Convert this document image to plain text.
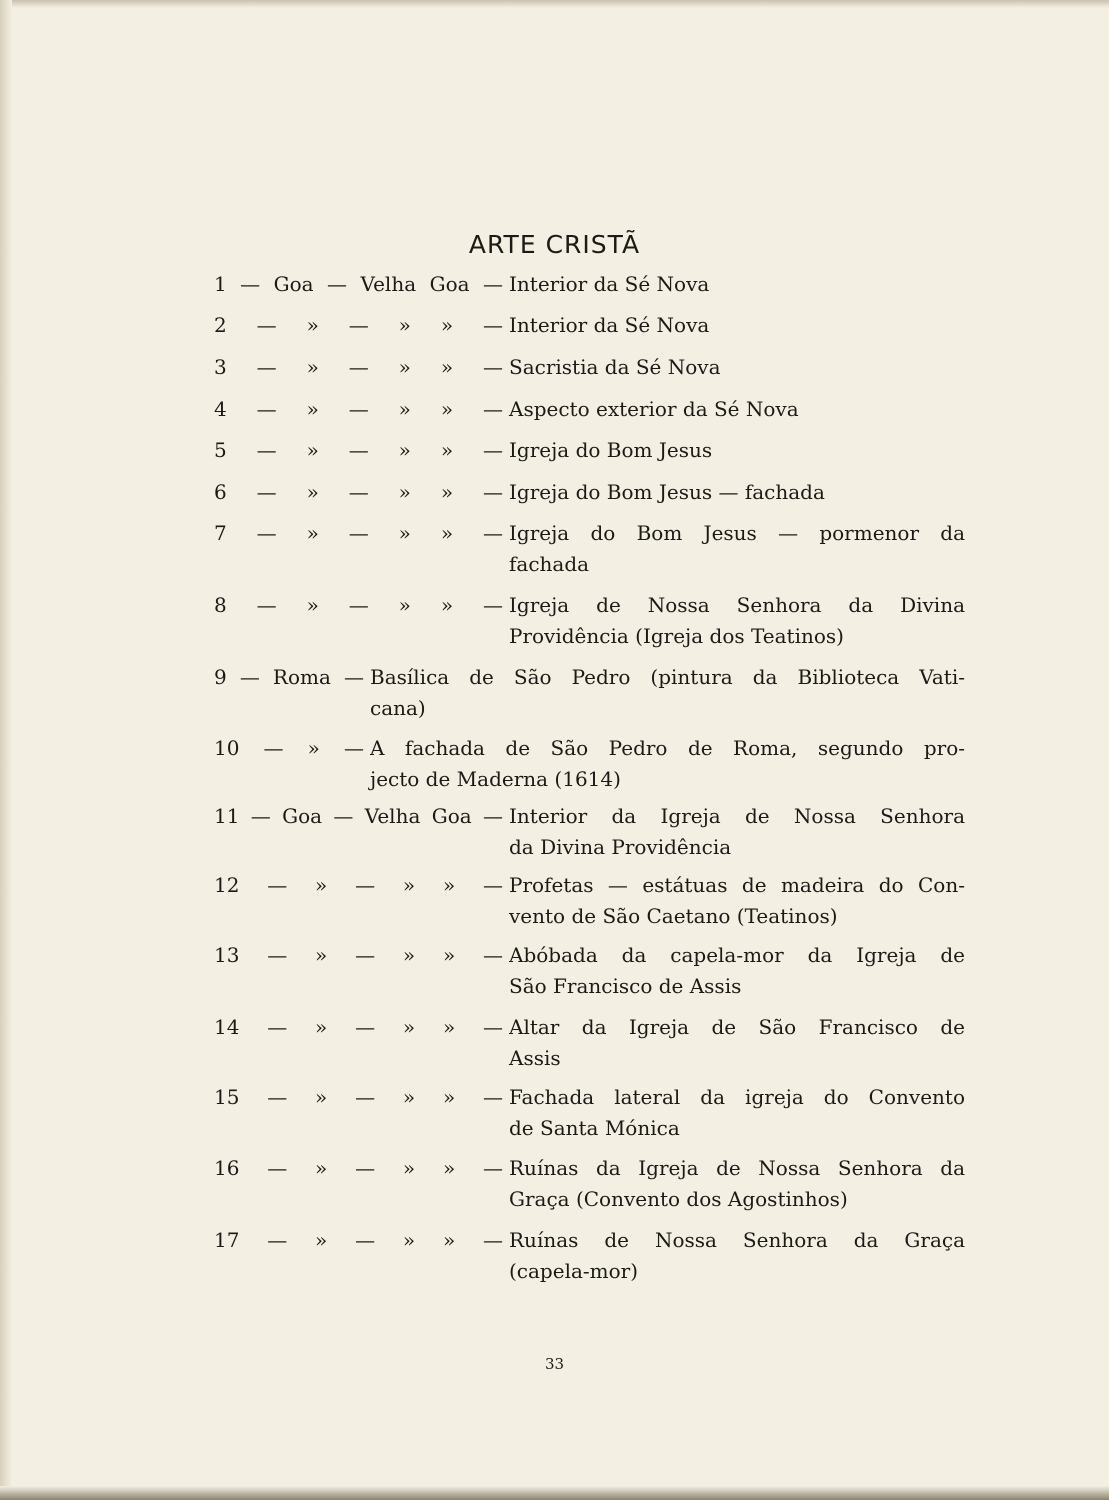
ARTE CRISTÃ
1 — Goa — Velha Goa — Interior da Sé Nova
2 — » — » » — Interior da Sé Nova
3 — » — » » — Sacristia da Sé Nova
4 — » — » » — Aspecto exterior da Sé Nova
5 — » — » » — Igreja do Bom Jesus
6 — » — » » — Igreja do Bom Jesus — fachada
7 — » — » » — Igreja do Bom Jesus — pormenor da
fachada
8 — » — » » — Igreja de Nossa Senhora da Divina
Providência (Igreja dos Teatinos)
9 — Roma — Basílica de São Pedro (pintura da Biblioteca Vati-
cana)
10 — » — A fachada de São Pedro de Roma, segundo pro-
jecto de Maderna (1614)
11 — Goa — Velha Goa — Interior da Igreja de Nossa Senhora
da Divina Providência
12 — » — » » — Profetas — estátuas de madeira do Con-
vento de São Caetano (Teatinos)
13 — » — » » — Abóbada da capela-mor da Igreja de
São Francisco de Assis
14 — » — » » — Altar da Igreja de São Francisco de
Assis
15 — » — » » — Fachada lateral da igreja do Convento
de Santa Mónica
16 — » — » » — Ruínas da Igreja de Nossa Senhora da
Graça (Convento dos Agostinhos)
17 — » — » » — Ruínas de Nossa Senhora da Graça
(capela-mor)
33
